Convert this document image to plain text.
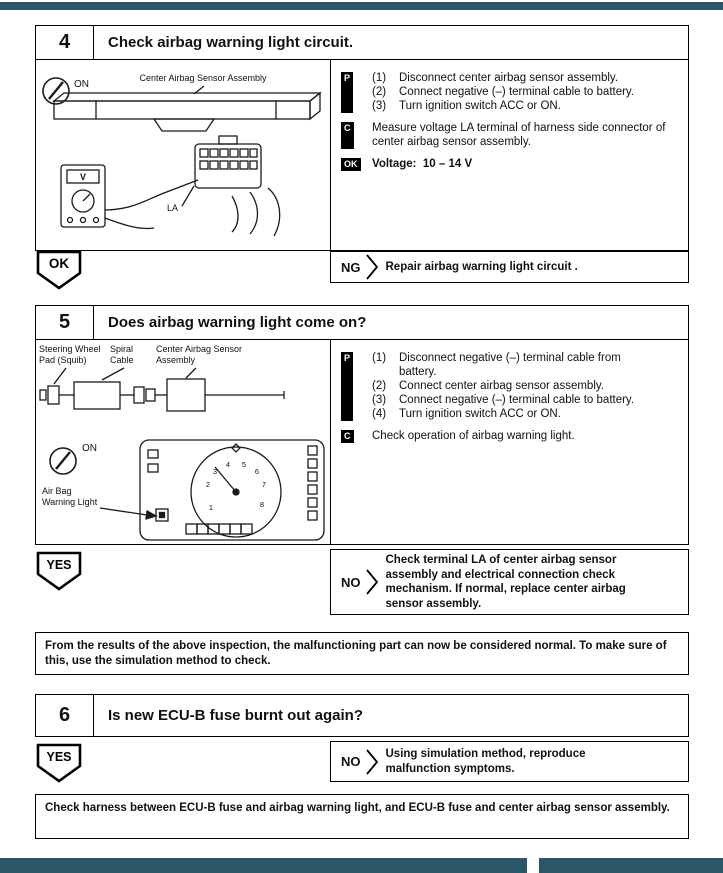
4	Check airbag warning light circuit.
V
ON
Center Airbag Sensor Assembly
LA
P (1)	Disconnect center airbag sensor assembly.
(2)	Connect negative (–) terminal cable to battery.
(3)	Turn ignition switch ACC or ON.
C Measure voltage LA terminal of harness side connector of center airbag sensor assembly.
OK Voltage:  10 – 14 V
OK	NG Repair airbag warning light circuit .
5	Does airbag warning light come on?
1
2
3
4 5
6
7
8
Steering Wheel Pad (Squib)
Spiral Cable
Center Airbag Sensor Assembly
ON
Air Bag Warning Light
P (1)	Disconnect negative (–) terminal cable from battery.
(2)	Connect center airbag sensor assembly.
(3)	Connect negative (–) terminal cable to battery.
(4)	Turn ignition switch ACC or ON.
C Check operation of airbag warning light.
YES
NO
Check terminal LA of center airbag sensor assembly and electrical connection check mechanism. If normal, replace center airbag sensor assembly.
From the results of the above inspection, the malfunctioning part can now be considered normal. To make sure of this, use the simulation method to check.
6	Is new ECU-B fuse burnt out again?
YES	NO Using simulation method, reproduce malfunction symptoms.
Check harness between ECU-B fuse and airbag warning light, and ECU-B fuse and center airbag sensor assembly.
